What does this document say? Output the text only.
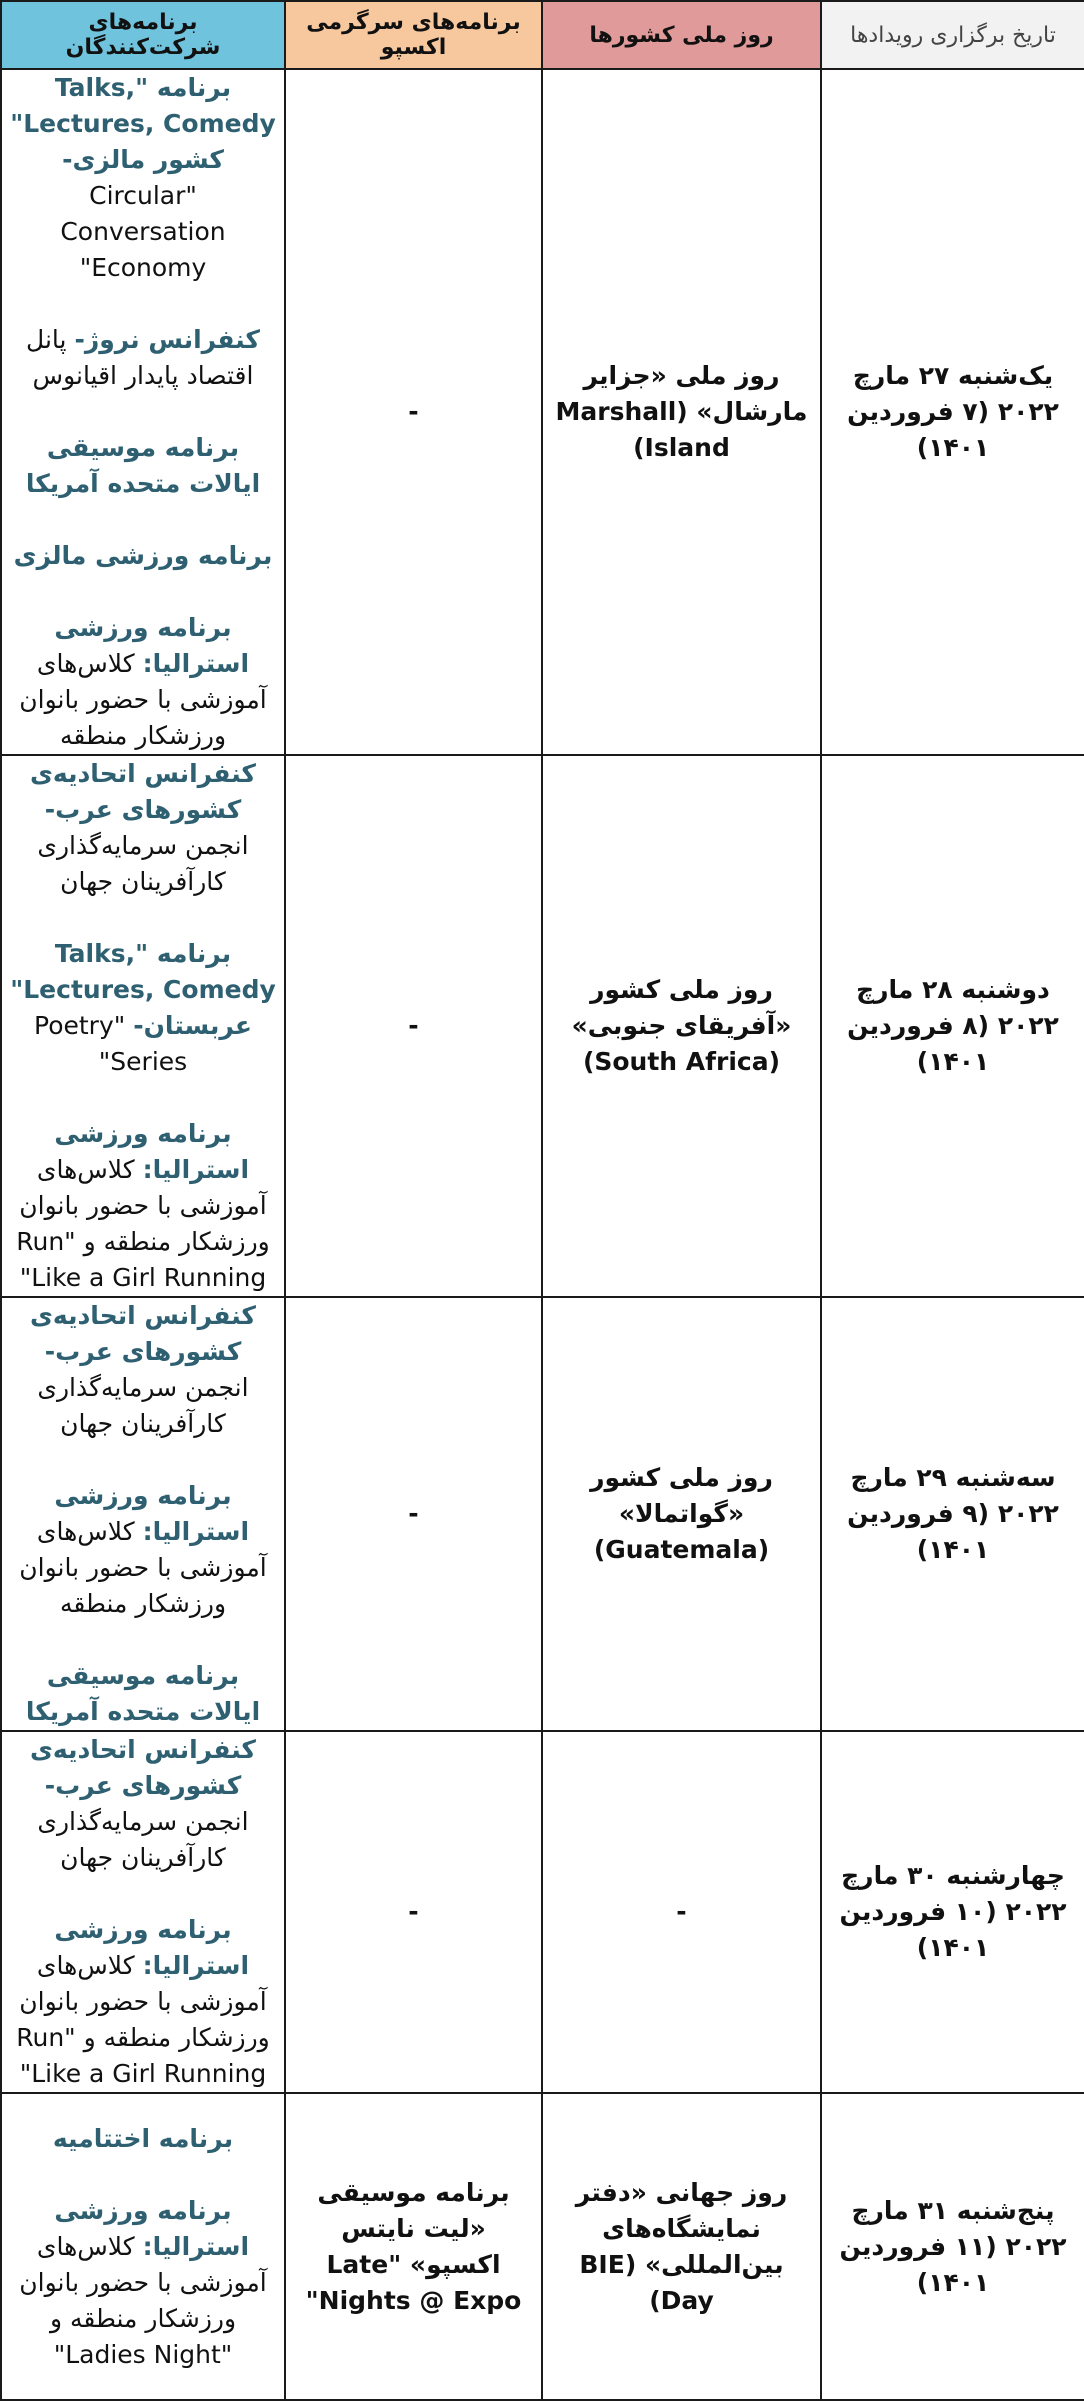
تاریخ برگزاری رویدادها	روز ملی کشورها	برنامه‌های سرگرمی اکسپو	برنامه‌های شرکت‌کنندگان
یک‌شنبه ۲۷ مارچ ۲۰۲۲ (۷ فروردین ۱۴۰۱)	روز ملی «جزایر مارشال» (Marshall Island)	-	برنامه "Talks, Lectures, Comedy" کشور مالزی- "Circular Conversation Economy"

کنفرانس نروژ- پانل اقتصاد پایدار اقیانوس

برنامه موسیقی ایالات متحده آمریکا

برنامه ورزشی مالزی

برنامه ورزشی استرالیا: کلاس‌های آموزشی با حضور بانوان ورزشکار منطقه

دوشنبه ۲۸ مارچ ۲۰۲۲ (۸ فروردین ۱۴۰۱)	روز ملی کشور «آفریقای جنوبی» (South Africa)	-	کنفرانس اتحادیه‌ی کشورهای عرب- انجمن سرمایه‌گذاری کارآفرینان جهان

برنامه "Talks, Lectures, Comedy" عربستان- "Poetry Series"

برنامه ورزشی استرالیا: کلاس‌های آموزشی با حضور بانوان ورزشکار منطقه و "Run Like a Girl Running"

سه‌شنبه ۲۹ مارچ ۲۰۲۲ (۹ فروردین ۱۴۰۱)	روز ملی کشور «گواتمالا» (Guatemala)	-	کنفرانس اتحادیه‌ی کشورهای عرب- انجمن سرمایه‌گذاری کارآفرینان جهان

برنامه ورزشی استرالیا: کلاس‌های آموزشی با حضور بانوان ورزشکار منطقه

برنامه موسیقی ایالات متحده آمریکا

چهارشنبه ۳۰ مارچ ۲۰۲۲ (۱۰ فروردین ۱۴۰۱)	-	-	کنفرانس اتحادیه‌ی کشورهای عرب- انجمن سرمایه‌گذاری کارآفرینان جهان

برنامه ورزشی استرالیا: کلاس‌های آموزشی با حضور بانوان ورزشکار منطقه و "Run Like a Girl Running"

پنج‌شنبه ۳۱ مارچ ۲۰۲۲ (۱۱ فروردین ۱۴۰۱)	روز جهانی «دفتر نمایشگاه‌های بین‌المللی» (BIE Day)	برنامه موسیقی «لیت نایتس اکسپو» "Late Nights @ Expo"	برنامه اختتامیه

برنامه ورزشی استرالیا: کلاس‌های آموزشی با حضور بانوان ورزشکار منطقه و "Ladies Night"
